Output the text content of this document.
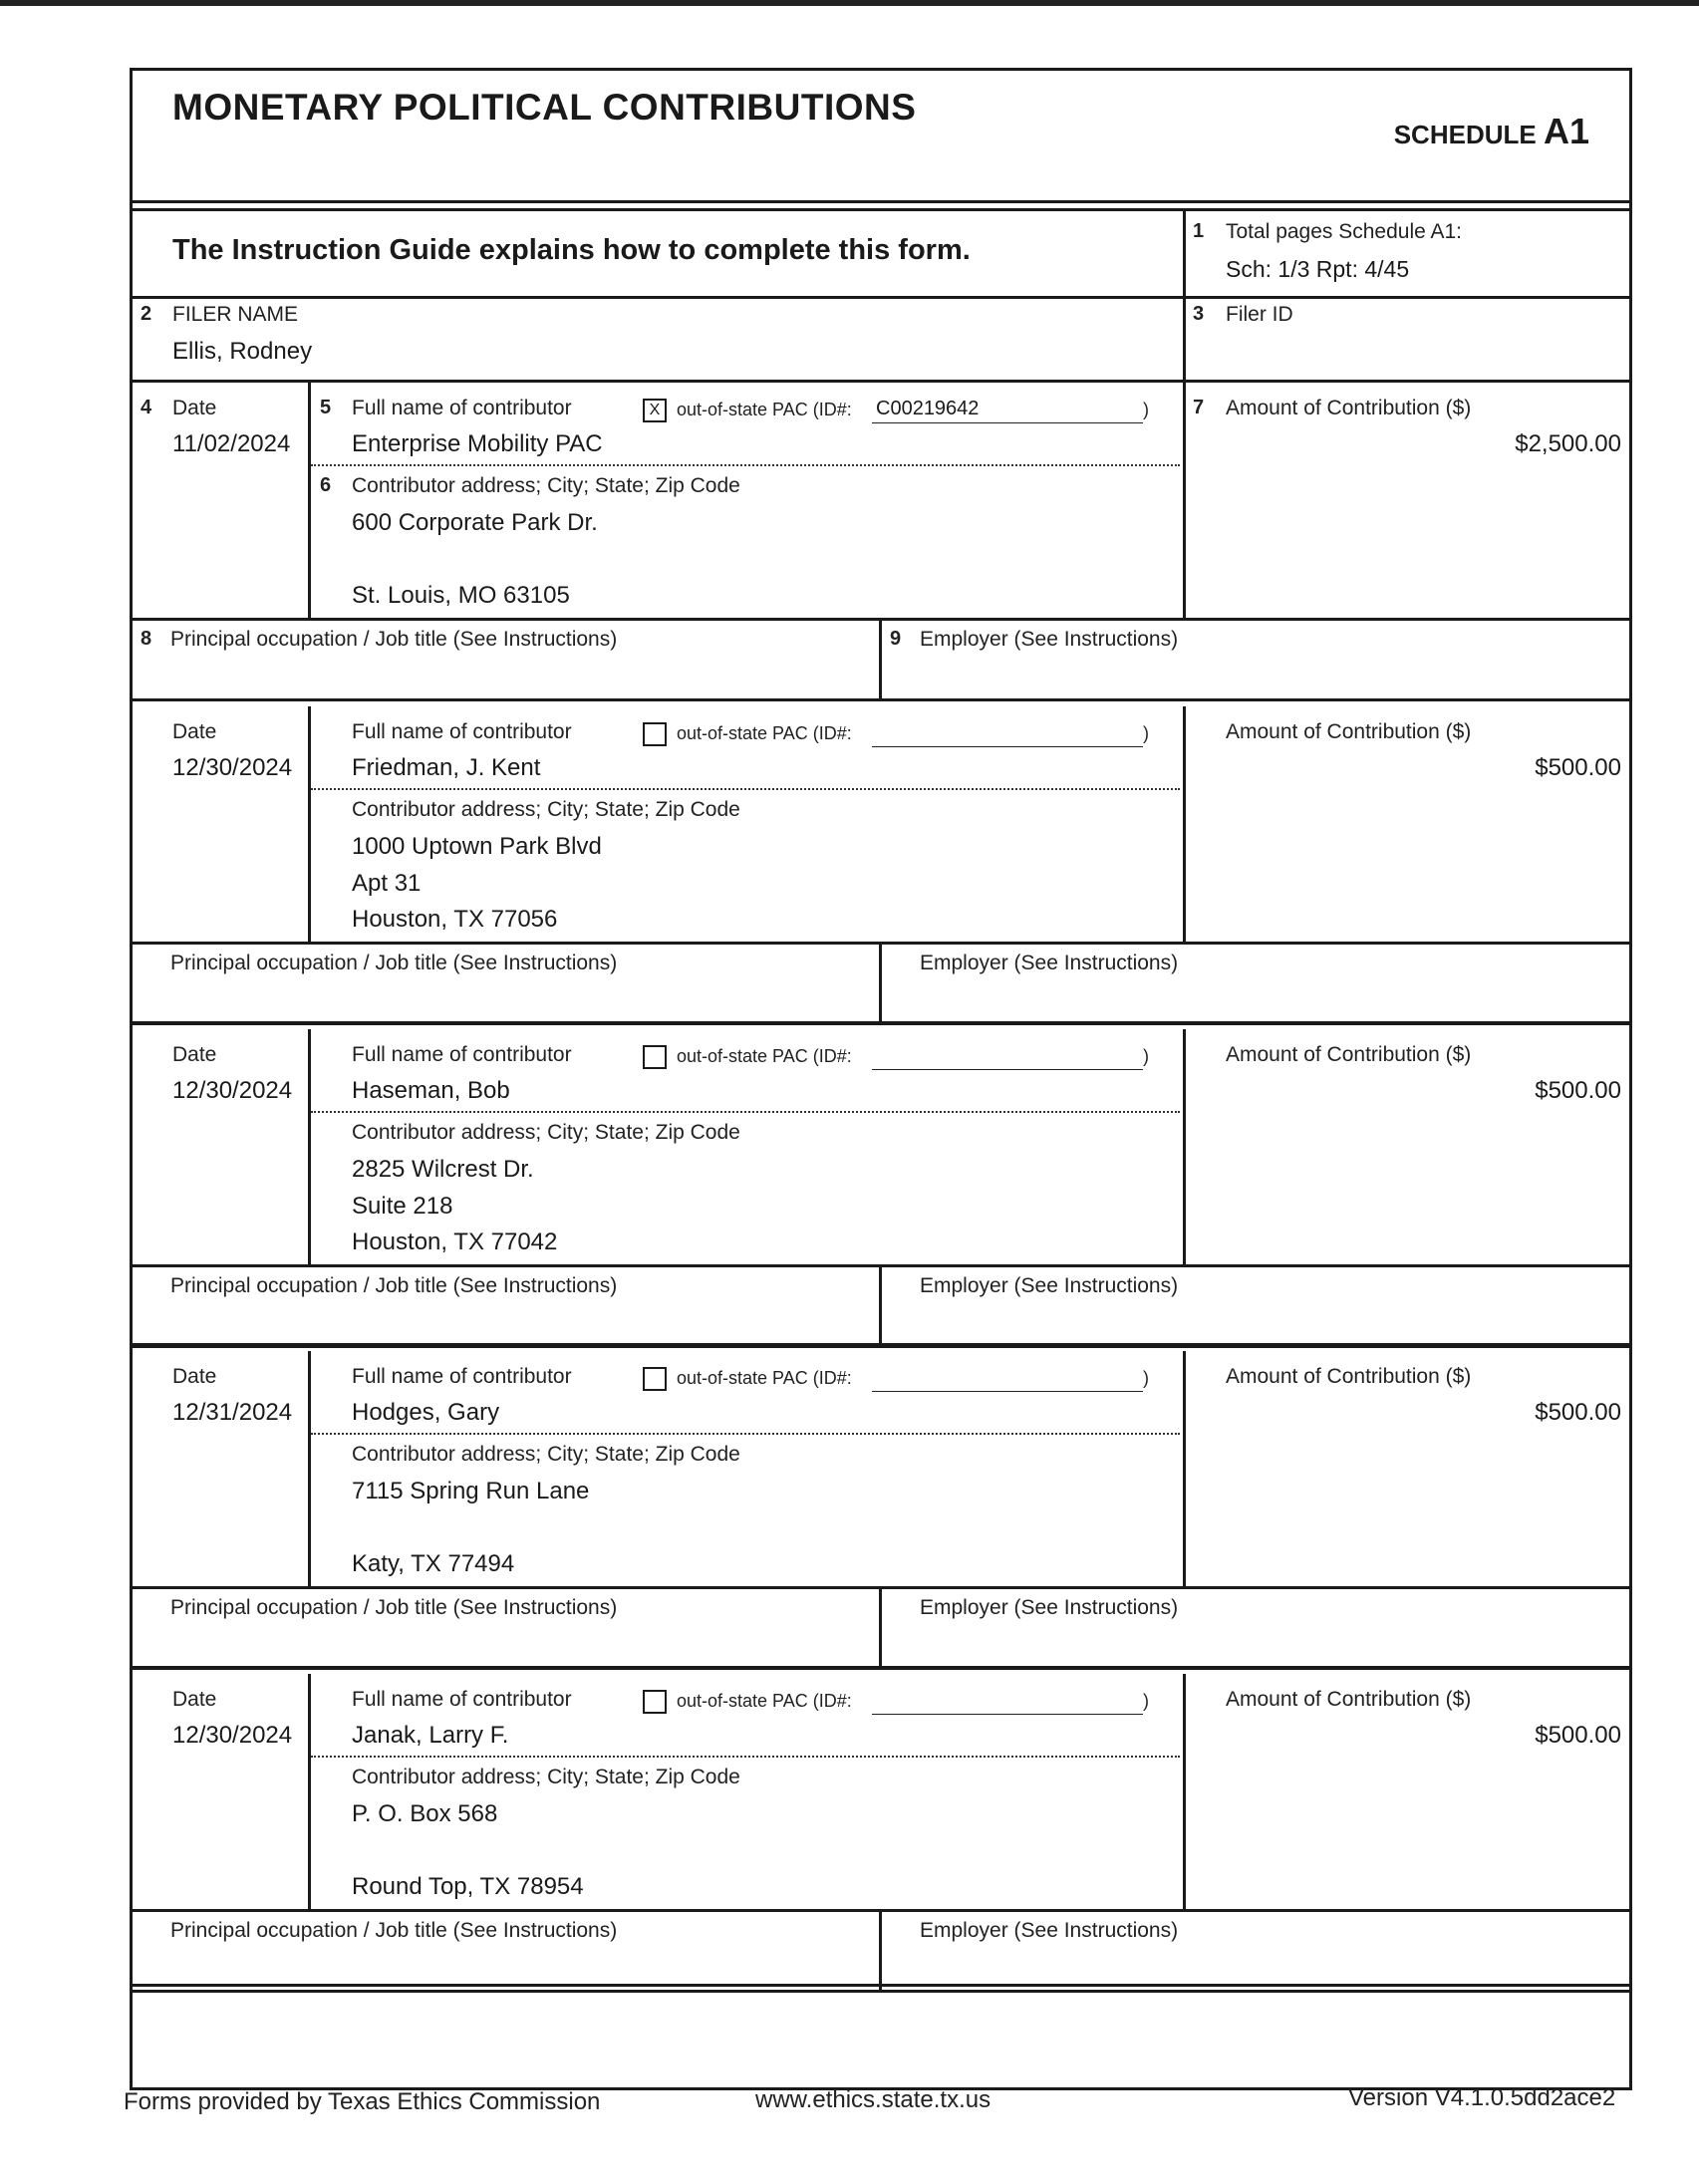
MONETARY POLITICAL CONTRIBUTIONS
SCHEDULE A1
The Instruction Guide explains how to complete this form.
1 Total pages Schedule A1:
Sch: 1/3 Rpt: 4/45
2 FILER NAME
Ellis, Rodney
3 Filer ID
4 Date
11/02/2024
5 Full name of contributor
Enterprise Mobility PAC
X out-of-state PAC (ID#: C00219642	)
6 Contributor address; City; State; Zip Code
600 Corporate Park Dr.
St. Louis, MO 63105
7 Amount of Contribution ($)
$2,500.00
8 Principal occupation / Job title (See Instructions)	9 Employer (See Instructions)
Date
12/30/2024
Full name of contributor
Friedman, J. Kent
out-of-state PAC (ID#:	)
Contributor address; City; State; Zip Code
1000 Uptown Park Blvd
Apt 31
Houston, TX 77056
Amount of Contribution ($)
$500.00
Principal occupation / Job title (See Instructions)	Employer (See Instructions)
Date
12/30/2024
Full name of contributor
Haseman, Bob
out-of-state PAC (ID#:	)
Contributor address; City; State; Zip Code
2825 Wilcrest Dr.
Suite 218
Houston, TX 77042
Amount of Contribution ($)
$500.00
Principal occupation / Job title (See Instructions)	Employer (See Instructions)
Date
12/31/2024
Full name of contributor
Hodges, Gary
out-of-state PAC (ID#:	)
Contributor address; City; State; Zip Code
7115 Spring Run Lane
Katy, TX 77494
Amount of Contribution ($)
$500.00
Principal occupation / Job title (See Instructions)	Employer (See Instructions)
Date
12/30/2024
Full name of contributor
Janak, Larry F.
out-of-state PAC (ID#:	)
Contributor address; City; State; Zip Code
P. O. Box 568
Round Top, TX 78954
Amount of Contribution ($)
$500.00
Principal occupation / Job title (See Instructions)	Employer (See Instructions)
Forms provided by Texas Ethics Commission	www.ethics.state.tx.us	Version V4.1.0.5dd2ace2
